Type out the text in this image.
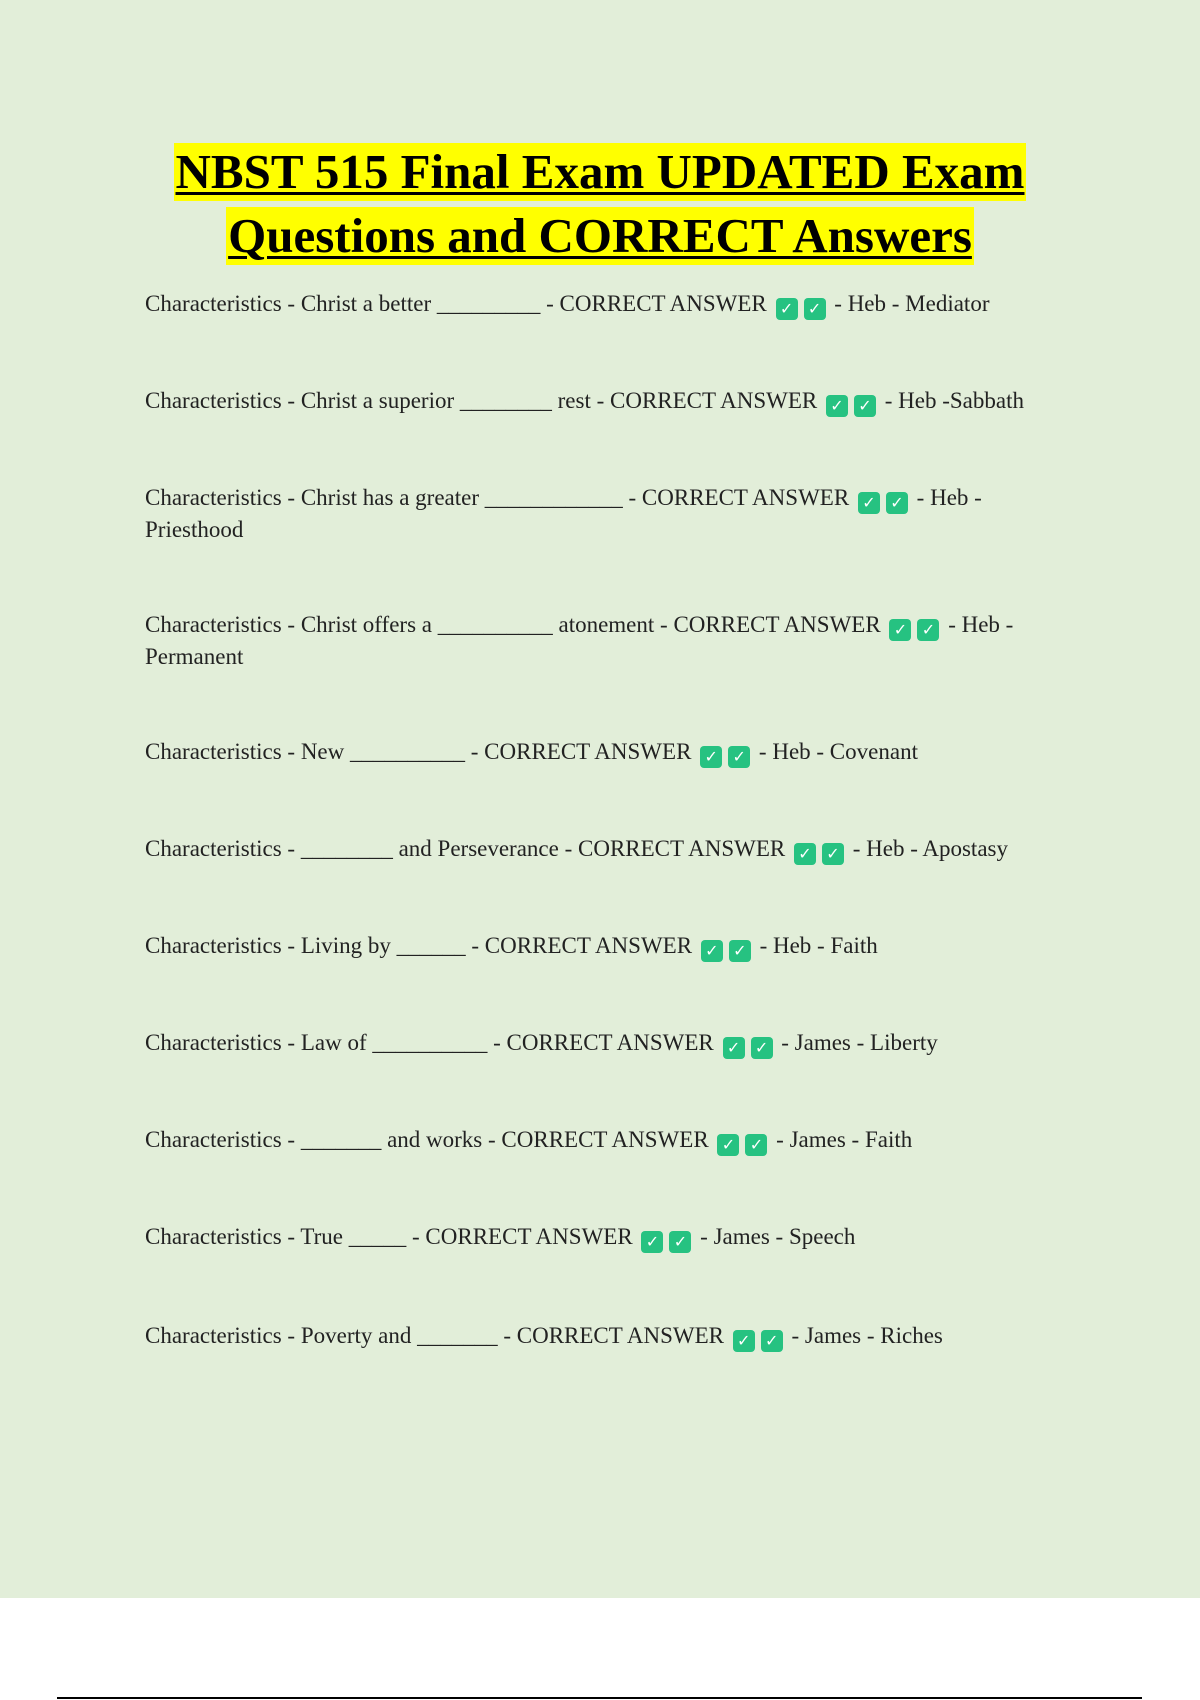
NBST 515 Final Exam UPDATED Exam
Questions and CORRECT Answers
Characteristics - Christ a better _________ - CORRECT ANSWER ✓ ✓ - Heb - Mediator
Characteristics - Christ a superior ________ rest - CORRECT ANSWER ✓ ✓ - Heb -Sabbath
Characteristics - Christ has a greater ____________ - CORRECT ANSWER ✓ ✓ - Heb - Priesthood
Characteristics - Christ offers a __________ atonement - CORRECT ANSWER ✓ ✓ - Heb - Permanent
Characteristics - New __________ - CORRECT ANSWER ✓ ✓ - Heb - Covenant
Characteristics - ________ and Perseverance - CORRECT ANSWER ✓ ✓ - Heb - Apostasy
Characteristics - Living by ______ - CORRECT ANSWER ✓ ✓ - Heb - Faith
Characteristics - Law of __________ - CORRECT ANSWER ✓ ✓ - James - Liberty
Characteristics - _______ and works - CORRECT ANSWER ✓ ✓ - James - Faith
Characteristics - True _____ - CORRECT ANSWER ✓ ✓ - James - Speech
Characteristics - Poverty and _______ - CORRECT ANSWER ✓ ✓ - James - Riches
